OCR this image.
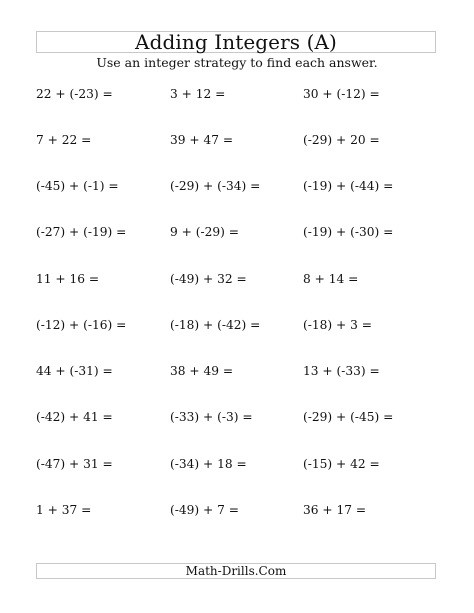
Adding Integers (A)
Use an integer strategy to find each answer.
22 + (-23) =	3 + 12 =	30 + (-12) =
7 + 22 =	39 + 47 =	(-29) + 20 =
(-45) + (-1) =	(-29) + (-34) =	(-19) + (-44) =
(-27) + (-19) =	9 + (-29) =	(-19) + (-30) =
11 + 16 =	(-49) + 32 =	8 + 14 =
(-12) + (-16) =	(-18) + (-42) =	(-18) + 3 =
44 + (-31) =	38 + 49 =	13 + (-33) =
(-42) + 41 =	(-33) + (-3) =	(-29) + (-45) =
(-47) + 31 =	(-34) + 18 =	(-15) + 42 =
1 + 37 =	(-49) + 7 =	36 + 17 =
Math-Drills.Com
